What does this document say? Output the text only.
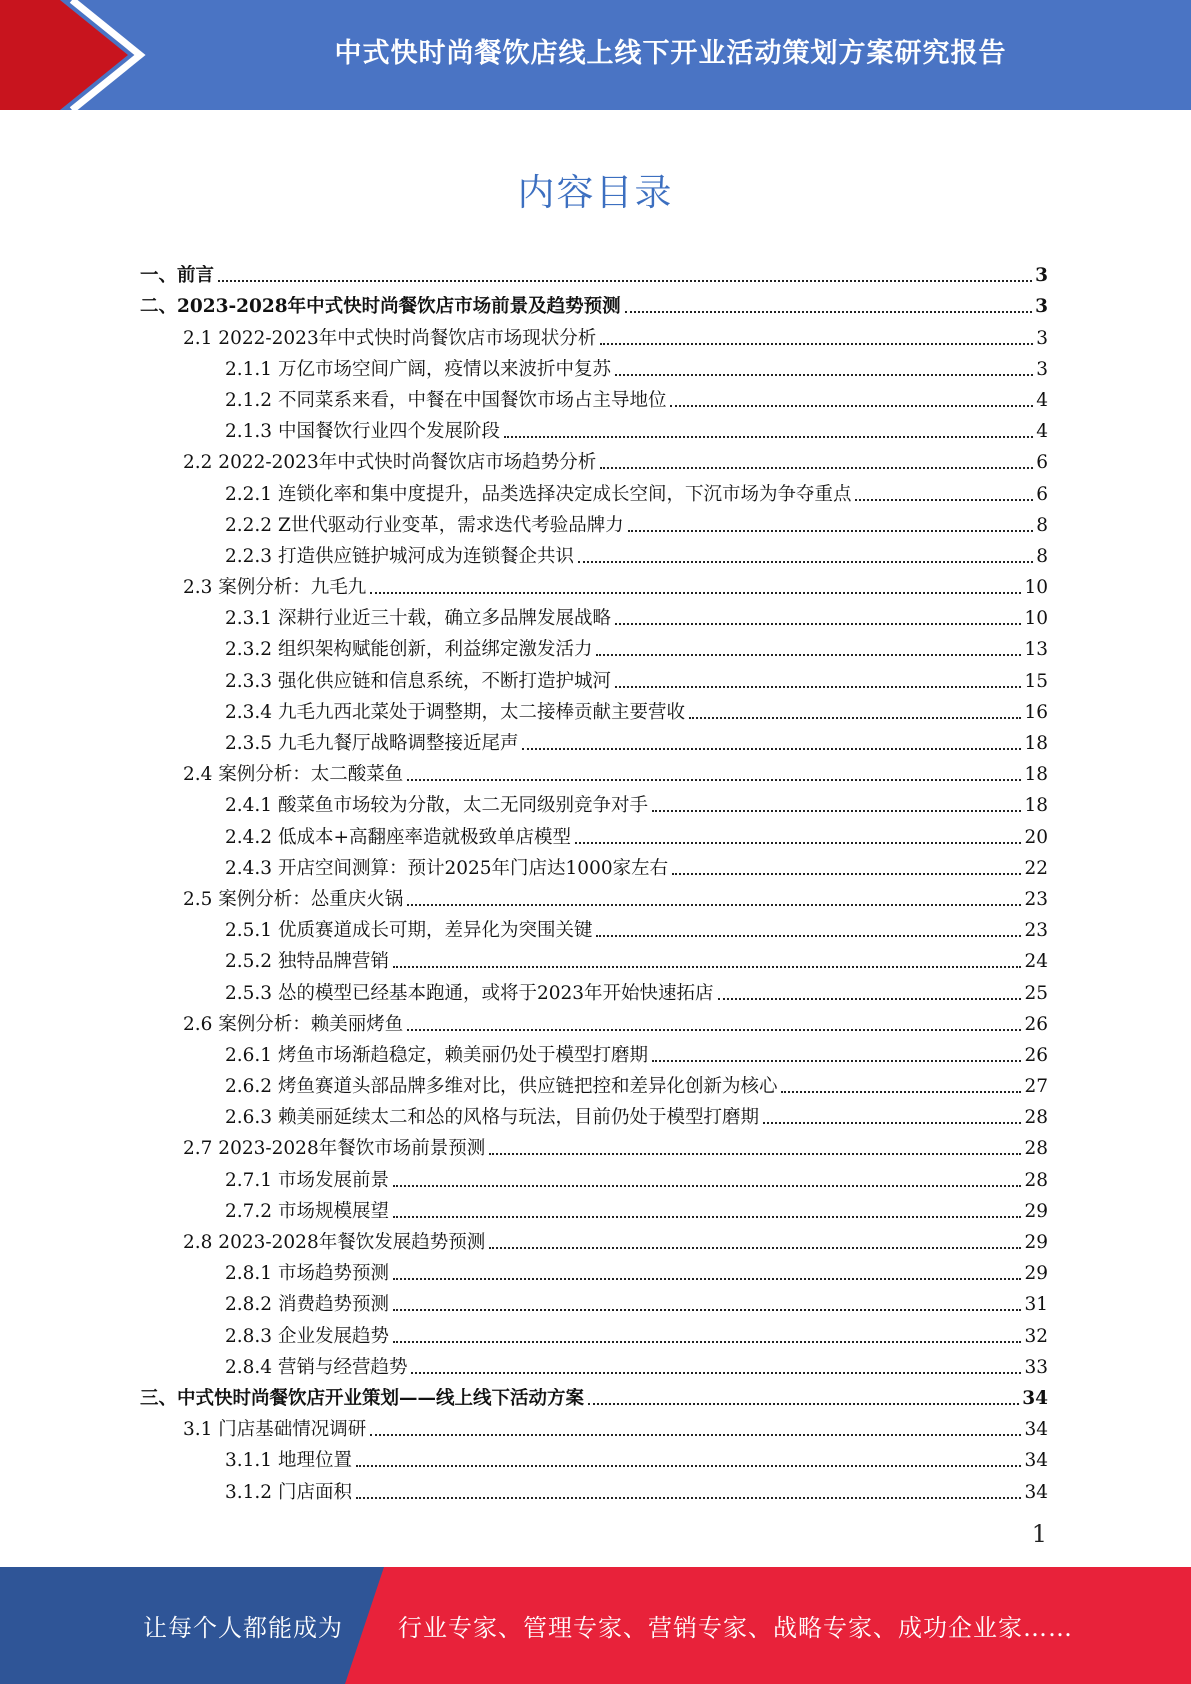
中式快时尚餐饮店线上线下开业活动策划方案研究报告
内容目录
一、前言	3
二、2023-2028年中式快时尚餐饮店市场前景及趋势预测	3
2.1 2022-2023年中式快时尚餐饮店市场现状分析	3
2.1.1 万亿市场空间广阔，疫情以来波折中复苏	3
2.1.2 不同菜系来看，中餐在中国餐饮市场占主导地位	4
2.1.3 中国餐饮行业四个发展阶段	4
2.2 2022-2023年中式快时尚餐饮店市场趋势分析	6
2.2.1 连锁化率和集中度提升，品类选择决定成长空间，下沉市场为争夺重点	6
2.2.2 Z世代驱动行业变革，需求迭代考验品牌力	8
2.2.3 打造供应链护城河成为连锁餐企共识	8
2.3 案例分析：九毛九	10
2.3.1 深耕行业近三十载，确立多品牌发展战略	10
2.3.2 组织架构赋能创新，利益绑定激发活力	13
2.3.3 强化供应链和信息系统，不断打造护城河	15
2.3.4 九毛九西北菜处于调整期，太二接棒贡献主要营收	16
2.3.5 九毛九餐厅战略调整接近尾声	18
2.4 案例分析：太二酸菜鱼	18
2.4.1 酸菜鱼市场较为分散，太二无同级别竞争对手	18
2.4.2 低成本+高翻座率造就极致单店模型	20
2.4.3 开店空间测算：预计2025年门店达1000家左右	22
2.5 案例分析：怂重庆火锅	23
2.5.1 优质赛道成长可期，差异化为突围关键	23
2.5.2 独特品牌营销	24
2.5.3 怂的模型已经基本跑通，或将于2023年开始快速拓店	25
2.6 案例分析：赖美丽烤鱼	26
2.6.1 烤鱼市场渐趋稳定，赖美丽仍处于模型打磨期	26
2.6.2 烤鱼赛道头部品牌多维对比，供应链把控和差异化创新为核心	27
2.6.3 赖美丽延续太二和怂的风格与玩法，目前仍处于模型打磨期	28
2.7 2023-2028年餐饮市场前景预测	28
2.7.1 市场发展前景	28
2.7.2 市场规模展望	29
2.8 2023-2028年餐饮发展趋势预测	29
2.8.1 市场趋势预测	29
2.8.2 消费趋势预测	31
2.8.3 企业发展趋势	32
2.8.4 营销与经营趋势	33
三、中式快时尚餐饮店开业策划——线上线下活动方案	34
3.1 门店基础情况调研	34
3.1.1 地理位置	34
3.1.2 门店面积	34
1
让每个人都能成为 行业专家、管理专家、营销专家、战略专家、成功企业家……
